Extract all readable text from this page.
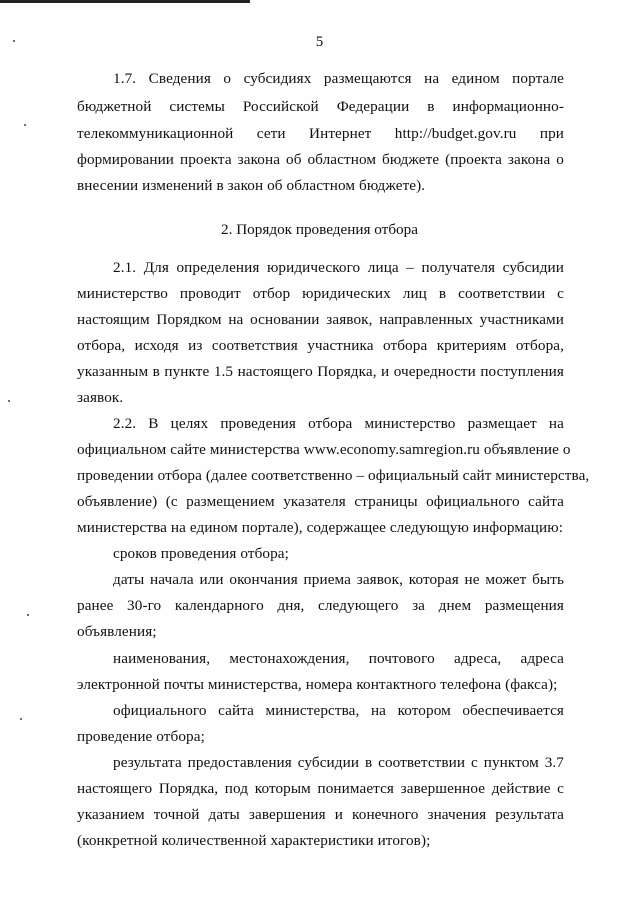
5
1.7. Сведения о субсидиях размещаются на едином портале
бюджетной системы Российской Федерации в информационно-
телекоммуникационной сети Интернет http://budget.gov.ru при
формировании проекта закона об областном бюджете (проекта закона о
внесении изменений в закон об областном бюджете).
2. Порядок проведения отбора
2.1. Для определения юридического лица – получателя субсидии
министерство проводит отбор юридических лиц в соответствии с
настоящим Порядком на основании заявок, направленных участниками
отбора, исходя из соответствия участника отбора критериям отбора,
указанным в пункте 1.5 настоящего Порядка, и очередности поступления
заявок.
2.2. В целях проведения отбора министерство размещает на
официальном сайте министерства www.economy.samregion.ru объявление о
проведении отбора (далее соответственно – официальный сайт министерства,
объявление) (с размещением указателя страницы официального сайта
министерства на едином портале), содержащее следующую информацию:
сроков проведения отбора;
даты начала или окончания приема заявок, которая не может быть
ранее 30-го календарного дня, следующего за днем размещения
объявления;
наименования, местонахождения, почтового адреса, адреса
электронной почты министерства, номера контактного телефона (факса);
официального сайта министерства, на котором обеспечивается
проведение отбора;
результата предоставления субсидии в соответствии с пунктом 3.7
настоящего Порядка, под которым понимается завершенное действие с
указанием точной даты завершения и конечного значения результата
(конкретной количественной характеристики итогов);
